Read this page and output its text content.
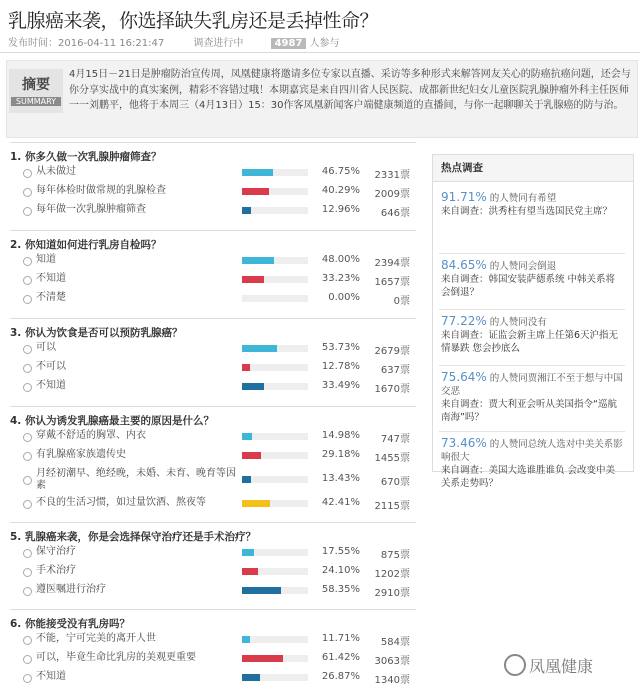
乳腺癌来袭，你选择缺失乳房还是丢掉性命？
发布时间：2016-04-11 16:21:47	调查进行中	4987 人参与
摘要
SUMMARY
4月15日－21日是肿瘤防治宣传周，凤凰健康将邀请多位专家以直播、采访等多种形式来解答网友关心的防癌抗癌问题，还会与你分享实战中的真实案例，精彩不容错过哦！本期嘉宾是来自四川省人民医院、成都新世纪妇女儿童医院乳腺肿瘤外科主任医师一一刘鹏平，他将于本周三（4月13日）15：30作客凤凰新闻客户端健康频道的直播间，与你一起聊聊关于乳腺癌的防与治。
1. 你多久做一次乳腺肿瘤筛查？
从未做过	46.75%	2331票
每年体检时做常规的乳腺检查	40.29%	2009票
每年做一次乳腺肿瘤筛查	12.96%	646票
2. 你知道如何进行乳房自检吗？
知道	48.00%	2394票
不知道	33.23%	1657票
不清楚	0.00%	0票
3. 你认为饮食是否可以预防乳腺癌？
可以	53.73%	2679票
不可以	12.78%	637票
不知道	33.49%	1670票
4. 你认为诱发乳腺癌最主要的原因是什么？
穿戴不舒适的胸罩、内衣	14.98%	747票
有乳腺癌家族遗传史	29.18%	1455票
月经初潮早、绝经晚，未婚、未育、晚育等因素
13.43%	670票
不良的生活习惯，如过量饮酒、熬夜等	42.41%	2115票
5. 乳腺癌来袭，你是会选择保守治疗还是手术治疗？
保守治疗	17.55%	875票
手术治疗	24.10%	1202票
遵医嘱进行治疗	58.35%	2910票
6. 你能接受没有乳房吗？
不能，宁可完美的离开人世	11.71%	584票
可以，毕竟生命比乳房的美观更重要	61.42%	3063票
不知道	26.87%	1340票
热点调查
91.71% 的人赞同有希望
来自调查：洪秀柱有望当选国民党主席？
84.65% 的人赞同会倒退
来自调查：韩国安装萨德系统 中韩关系将会倒退？
77.22% 的人赞同没有
来自调查：证监会新主席上任第6天沪指无情暴跌 您会抄底么
75.64% 的人赞同贾湘江不至于想与中国交恶
来自调查：贾大利亚会听从美国指令“巡航南海”吗？
73.46% 的人赞同总统人选对中美关系影响很大
来自调查：美国大选谁胜谁负 会改变中美关系走势吗？
凤凰健康
